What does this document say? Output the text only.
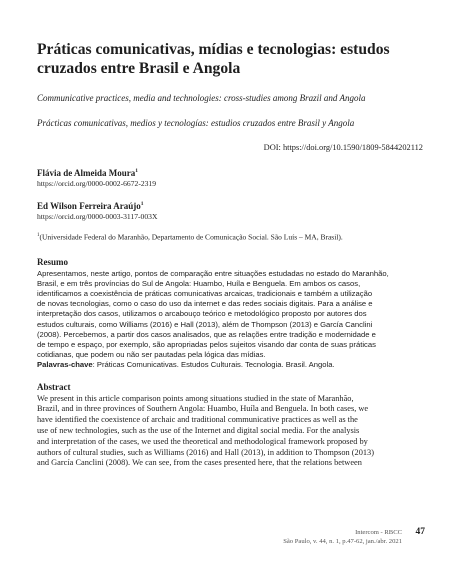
Práticas comunicativas, mídias e tecnologias: estudos cruzados entre Brasil e Angola

Communicative practices, media and technologies: cross-studies among Brazil and Angola

Prácticas comunicativas, medios y tecnologías: estudios cruzados entre Brasil y Angola

DOI: https://doi.org/10.1590/1809-5844202112

Flávia de Almeida Moura$^1$

https://orcid.org/0000-0002-6672-2319

Ed Wilson Ferreira Araújo$^1$

https://orcid.org/0000-0003-3117-003X

$^1$(Universidade Federal do Maranhão, Departamento de Comunicação Social. São Luís – MA, Brasil).

Resumo

Apresentamos, neste artigo, pontos de comparação entre situações estudadas no estado do Maranhão,

Brasil, e em três províncias do Sul de Angola: Huambo, Huíla e Benguela. Em ambos os casos,

identificamos a coexistência de práticas comunicativas arcaicas, tradicionais e também a utilização

de novas tecnologias, como o caso do uso da internet e das redes sociais digitais. Para a análise e

interpretação dos casos, utilizamos o arcabouço teórico e metodológico proposto por autores dos

estudos culturais, como Williams (2016) e Hall (2013), além de Thompson (2013) e García Canclini

(2008). Percebemos, a partir dos casos analisados, que as relações entre tradição e modernidade e

de tempo e espaço, por exemplo, são apropriadas pelos sujeitos visando dar conta de suas práticas

cotidianas, que podem ou não ser pautadas pela lógica das mídias.

Palavras-chave: Práticas Comunicativas. Estudos Culturais. Tecnologia. Brasil. Angola.

Abstract

We present in this article comparison points among situations studied in the state of Maranhão,

Brazil, and in three provinces of Southern Angola: Huambo, Huíla and Benguela. In both cases, we

have identified the coexistence of archaic and traditional communicative practices as well as the

use of new technologies, such as the use of the Internet and digital social media. For the analysis

and interpretation of the cases, we used the theoretical and methodological framework proposed by

authors of cultural studies, such as Williams (2016) and Hall (2013), in addition to Thompson (2013)

and García Canclini (2008). We can see, from the cases presented here, that the relations between

Intercom - RBCC
São Paulo, v. 44, n. 1, p.47-62, jan./abr. 2021
47
